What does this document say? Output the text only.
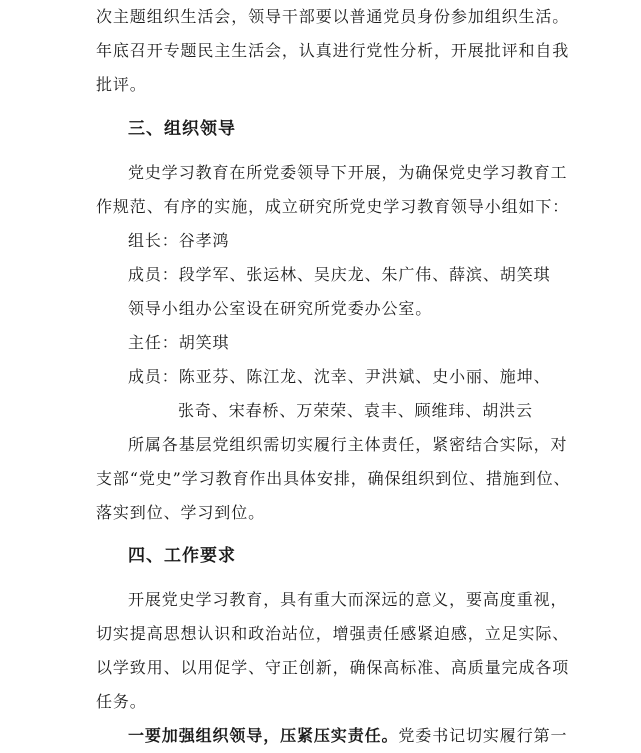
次主题组织生活会，领导干部要以普通党员身份参加组织生活。
年底召开专题民主生活会，认真进行党性分析，开展批评和自我
批评。
三、组织领导
党史学习教育在所党委领导下开展，为确保党史学习教育工
作规范、有序的实施，成立研究所党史学习教育领导小组如下：
组长：谷孝鸿
成员：段学军、张运林、吴庆龙、朱广伟、薛滨、胡笑琪
领导小组办公室设在研究所党委办公室。
主任：胡笑琪
成员：陈亚芬、陈江龙、沈幸、尹洪斌、史小丽、施坤、
张奇、宋春桥、万荣荣、袁丰、顾维玮、胡洪云
所属各基层党组织需切实履行主体责任，紧密结合实际，对
支部“党史”学习教育作出具体安排，确保组织到位、措施到位、
落实到位、学习到位。
四、工作要求
开展党史学习教育，具有重大而深远的意义，要高度重视，
切实提高思想认识和政治站位，增强责任感紧迫感，立足实际、
以学致用、以用促学、守正创新，确保高标准、高质量完成各项
任务。
一要加强组织领导，压紧压实责任。党委书记切实履行第一
